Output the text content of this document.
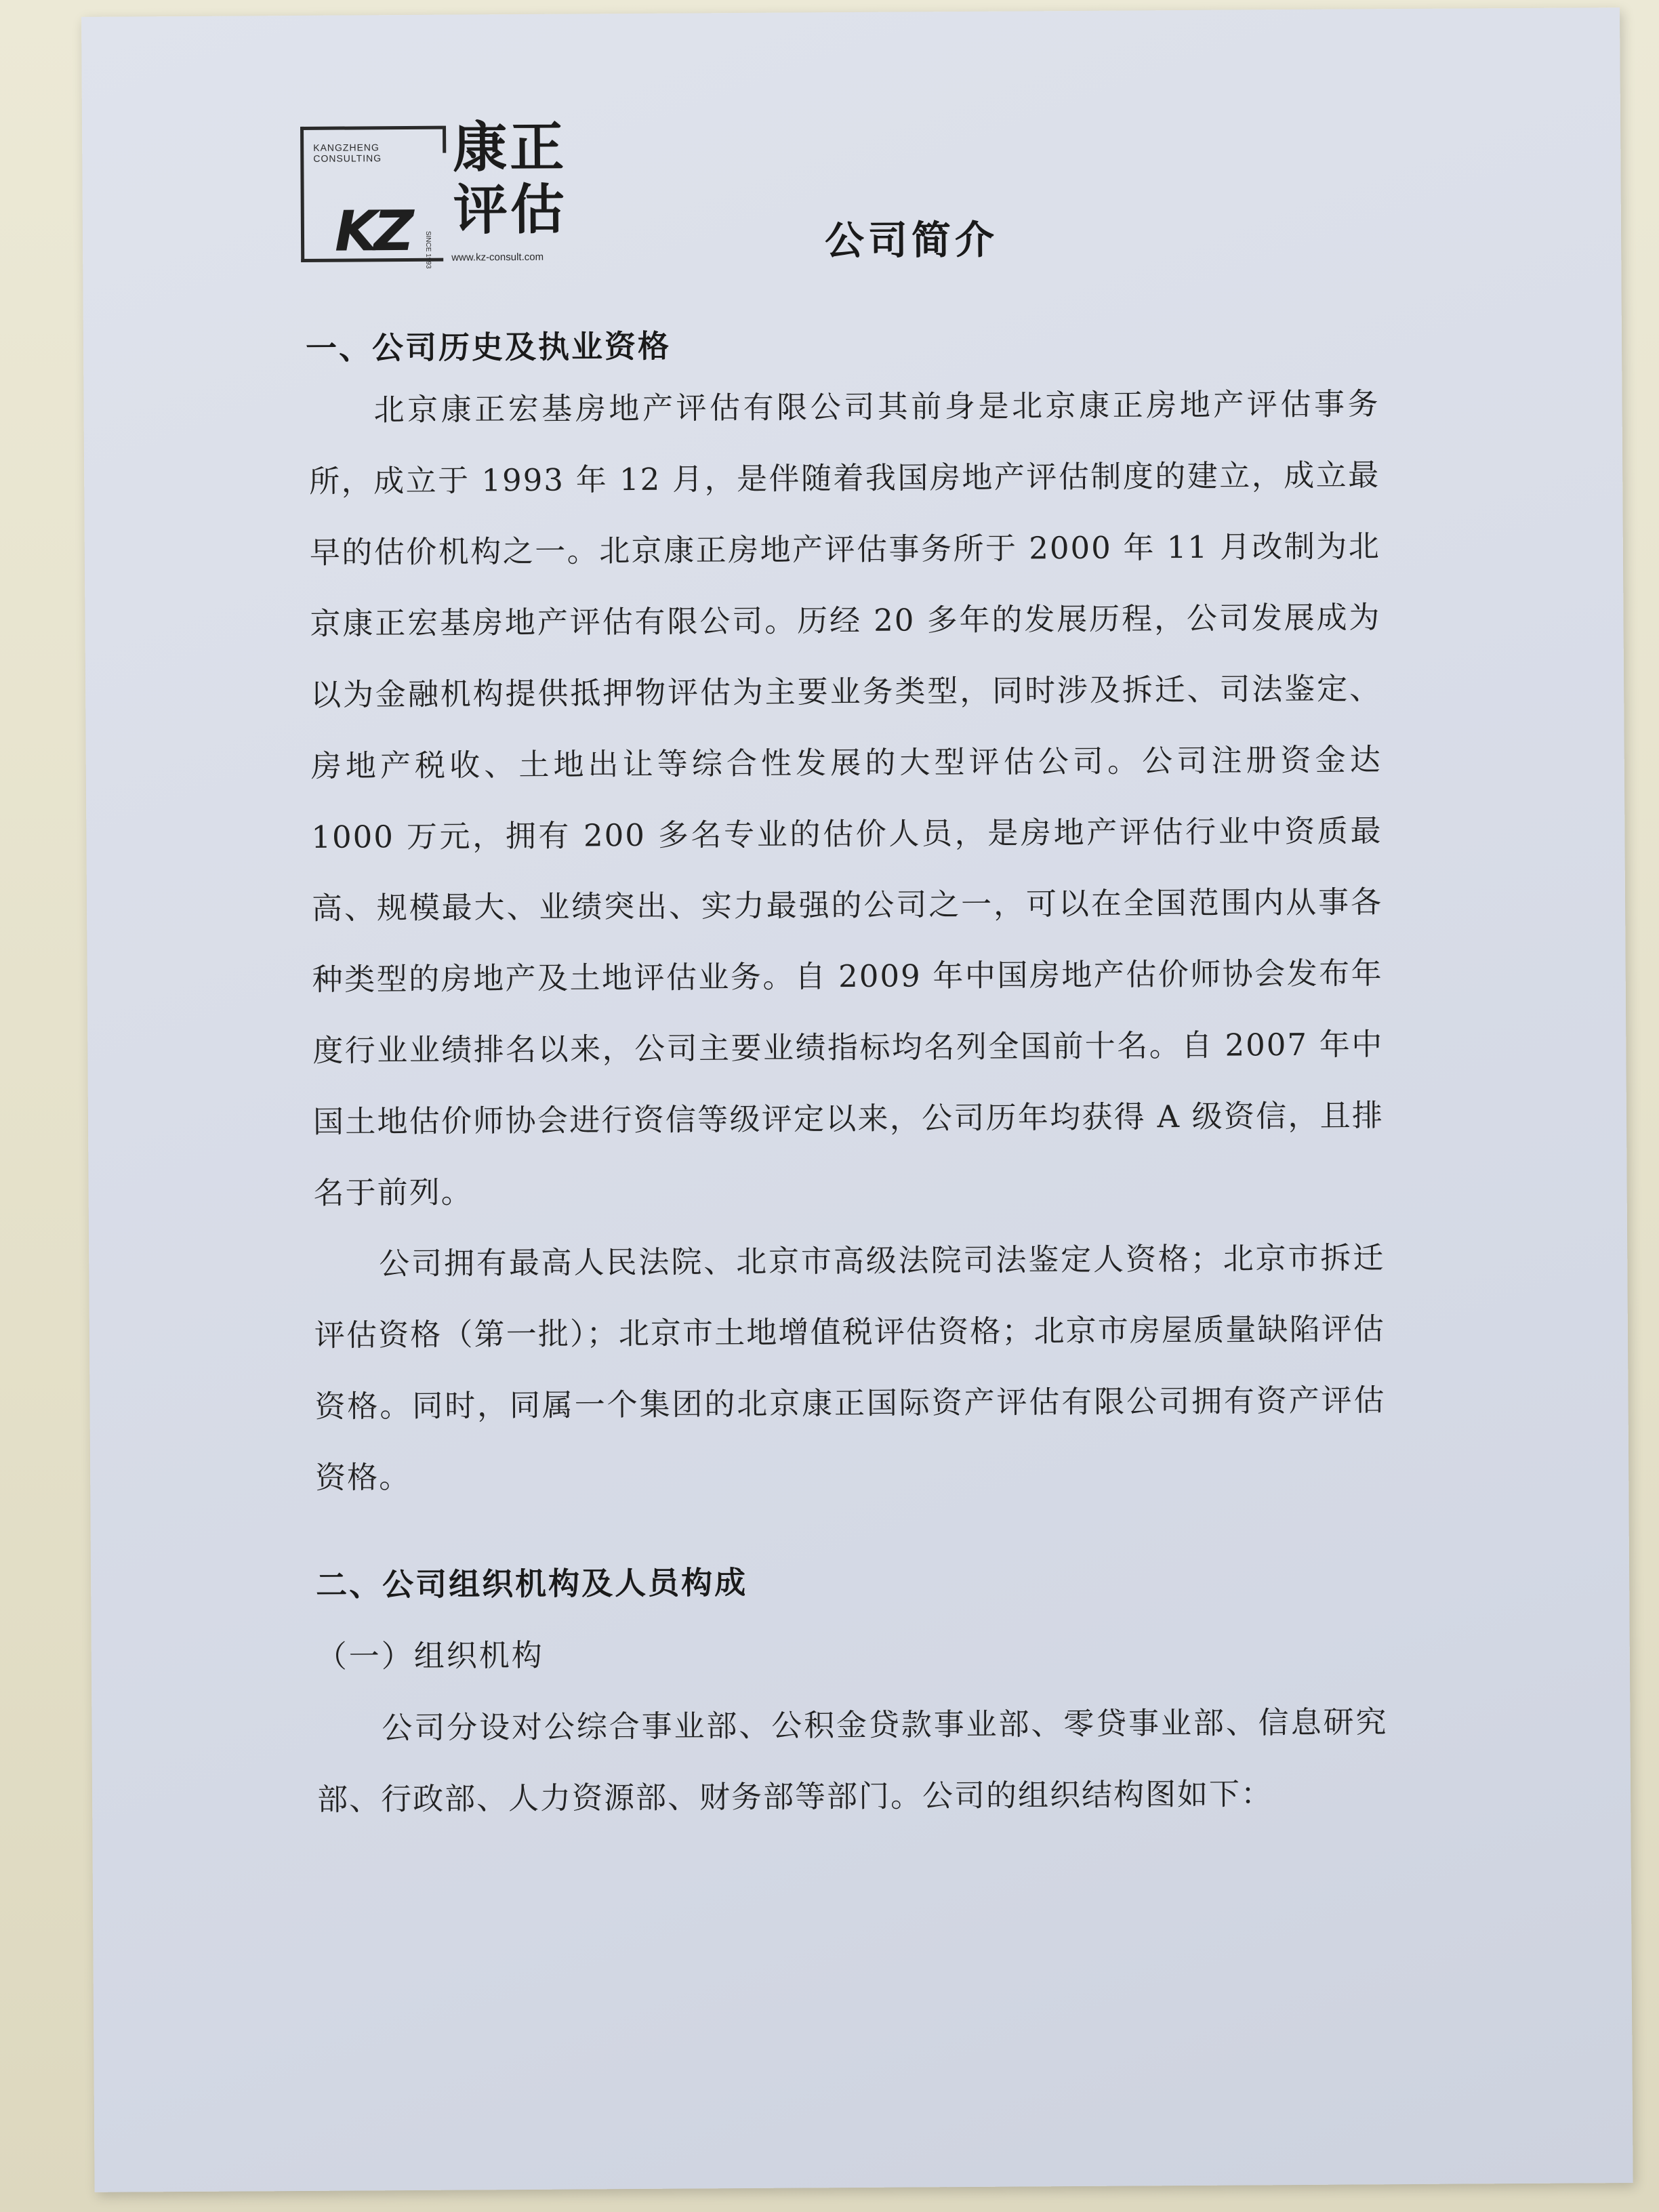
KANGZHENG
CONSULTING
KZ SINCE 1993
康正
评估
www.kz-consult.com	公司简介
一、公司历史及执业资格

北京康正宏基房地产评估有限公司其前身是北京康正房地产评估事务所，成立于 1993 年 12 月，是伴随着我国房地产评估制度的建立，成立最早的估价机构之一。北京康正房地产评估事务所于 2000 年 11 月改制为北京康正宏基房地产评估有限公司。历经 20 多年的发展历程，公司发展成为以为金融机构提供抵押物评估为主要业务类型，同时涉及拆迁、司法鉴定、房地产税收、土地出让等综合性发展的大型评估公司。公司注册资金达 1000 万元，拥有 200 多名专业的估价人员，是房地产评估行业中资质最高、规模最大、业绩突出、实力最强的公司之一，可以在全国范围内从事各种类型的房地产及土地评估业务。自 2009 年中国房地产估价师协会发布年度行业业绩排名以来，公司主要业绩指标均名列全国前十名。自 2007 年中国土地估价师协会进行资信等级评定以来，公司历年均获得 A 级资信，且排名于前列。

公司拥有最高人民法院、北京市高级法院司法鉴定人资格；北京市拆迁评估资格（第一批）；北京市土地增值税评估资格；北京市房屋质量缺陷评估资格。同时，同属一个集团的北京康正国际资产评估有限公司拥有资产评估资格。

二、公司组织机构及人员构成
（一）组织机构

公司分设对公综合事业部、公积金贷款事业部、零贷事业部、信息研究部、行政部、人力资源部、财务部等部门。公司的组织结构图如下：
